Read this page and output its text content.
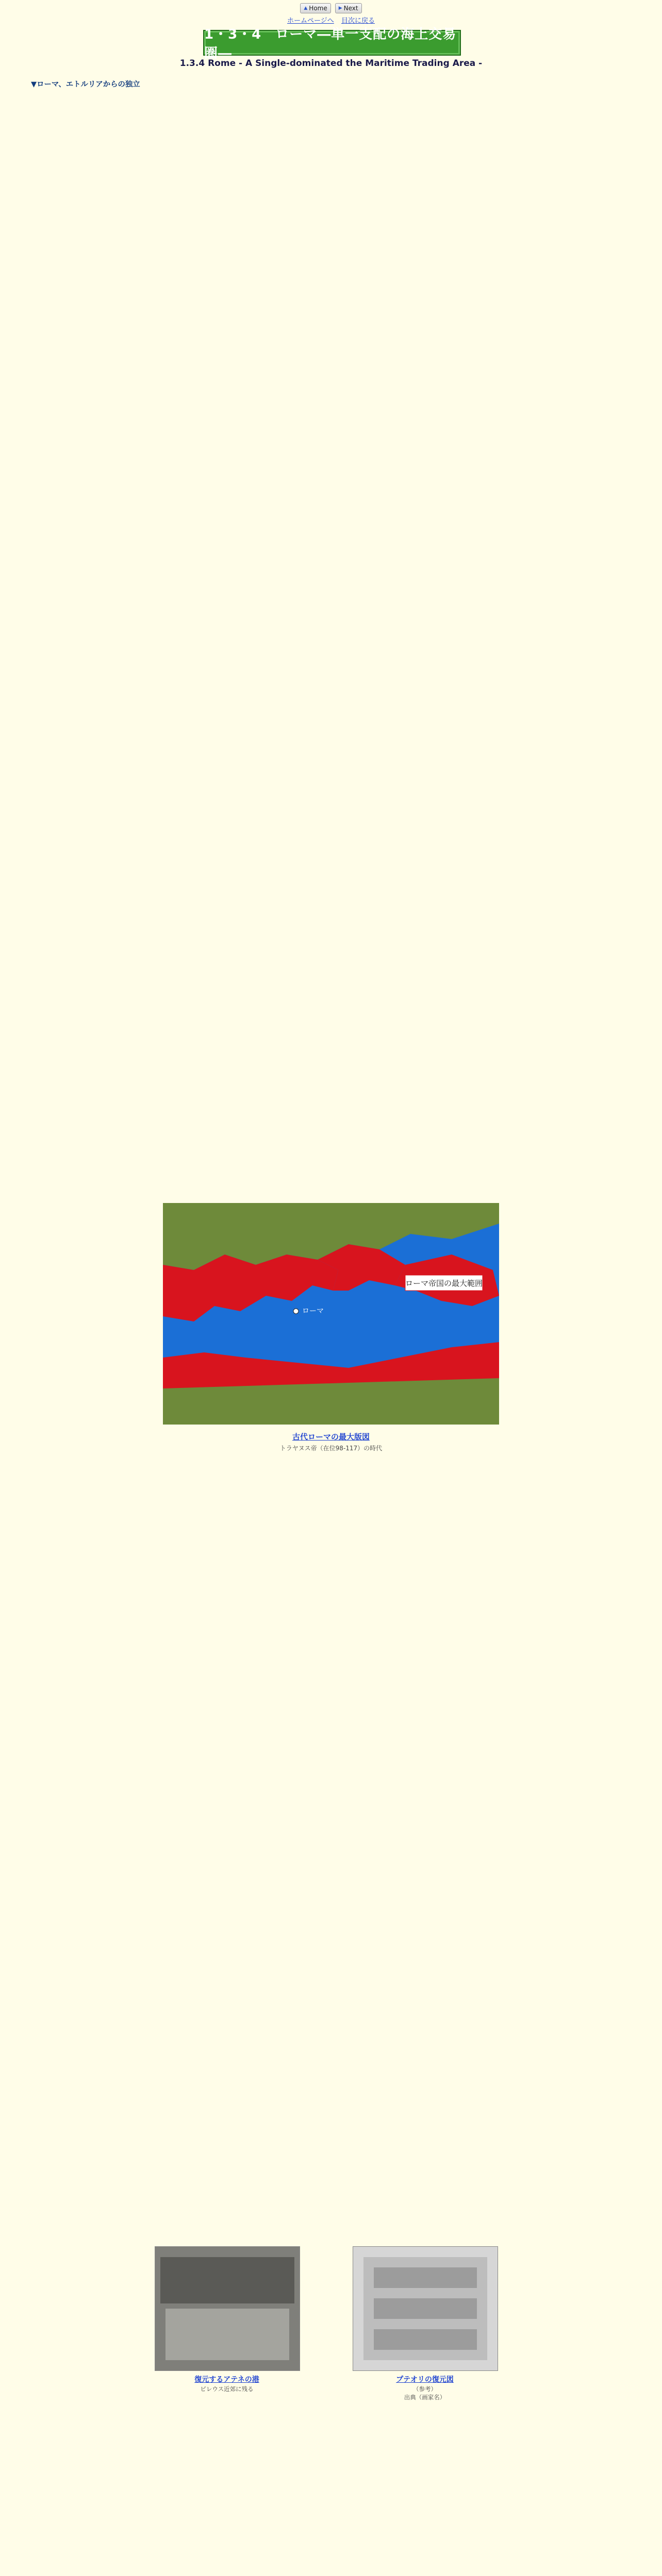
▲ Home ▶ Next
ホームページへ 目次に戻る
1・3・4　ローマ―単一支配の海上交易圏―
1.3.4 Rome - A Single-dominated the Maritime Trading Area -

▼ローマ、エトルリアからの独立

ローマ帝国の最大範囲
ローマ
古代ローマの最大版図
トラヤヌス帝（在位98-117）の時代
復元するアテネの港
ピレウス近郊に残る
プテオリの復元図
（参考）
出典（画家名）
